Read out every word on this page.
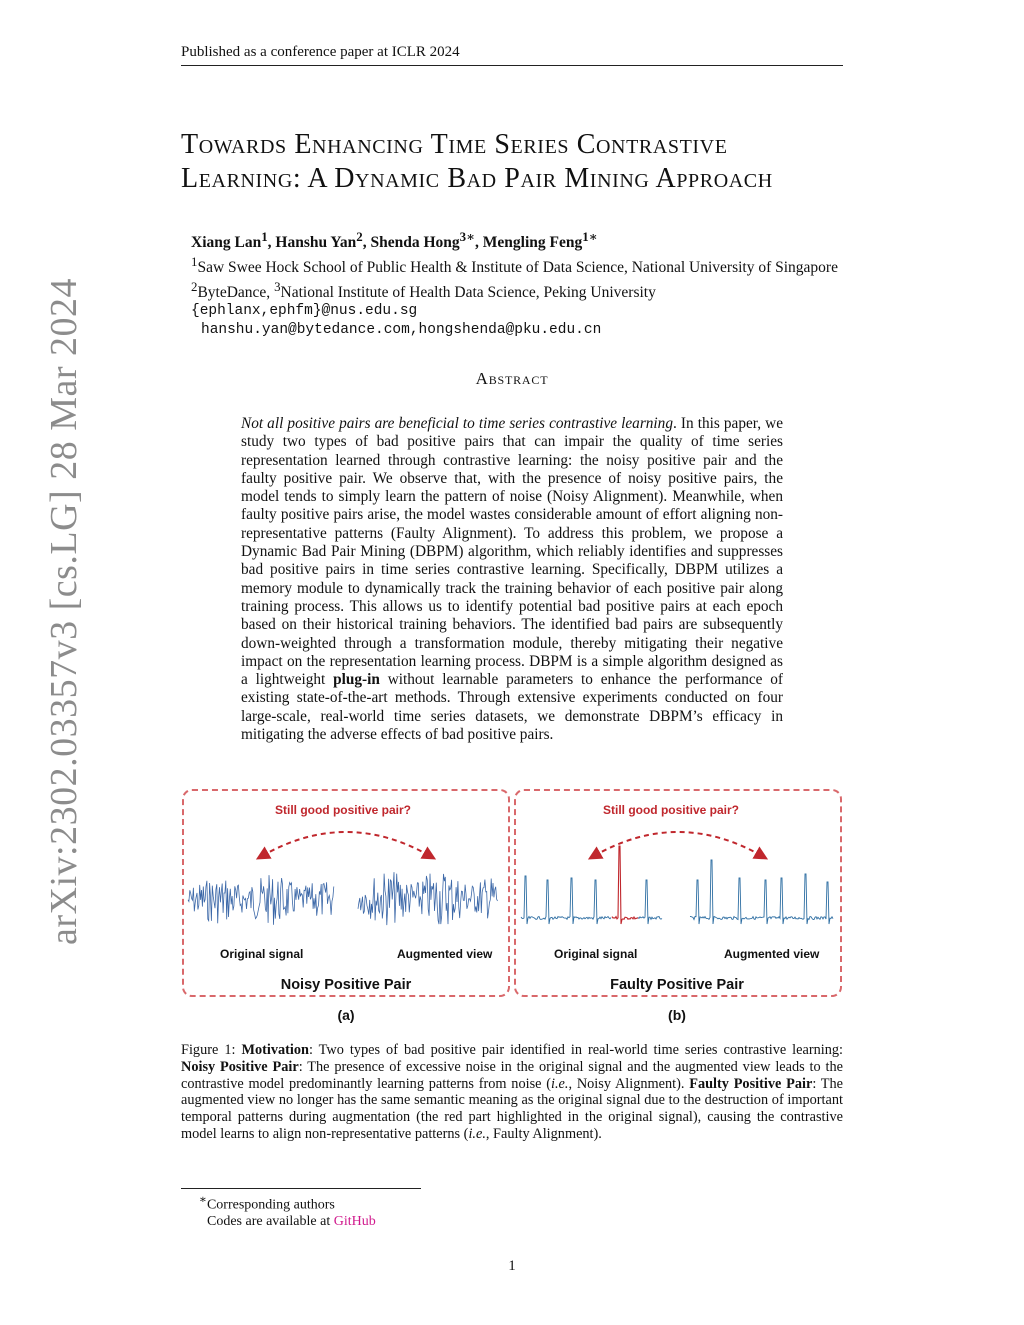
Published as a conference paper at ICLR 2024
arXiv:2302.03357v3 [cs.LG] 28 Mar 2024
Towards Enhancing Time Series Contrastive
Learning: A Dynamic Bad Pair Mining Approach
Xiang Lan$^1$, Hanshu Yan$^2$, Shenda Hong$^{3∗}$, Mengling Feng$^{1∗}$
$^1$Saw Swee Hock School of Public Health & Institute of Data Science, National University of Singapore
$^2$ByteDance, $^3$National Institute of Health Data Science, Peking University
{ephlanx,ephfm}@nus.edu.sg
hanshu.yan@bytedance.com,hongshenda@pku.edu.cn
Abstract
Not all positive pairs are beneficial to time series contrastive learning. In this paper, we study two types of bad positive pairs that can impair the quality of time series representation learned through contrastive learning: the noisy positive pair and the faulty positive pair. We observe that, with the presence of noisy positive pairs, the model tends to simply learn the pattern of noise (Noisy Alignment). Meanwhile, when faulty positive pairs arise, the model wastes considerable amount of effort aligning non-representative patterns (Faulty Alignment). To address this problem, we propose a Dynamic Bad Pair Mining (DBPM) algorithm, which reliably identifies and suppresses bad positive pairs in time series contrastive learning. Specifically, DBPM utilizes a memory module to dynamically track the training behavior of each positive pair along training process. This allows us to identify potential bad positive pairs at each epoch based on their historical training behaviors. The identified bad pairs are subsequently down-weighted through a transformation module, thereby mitigating their negative impact on the representation learning process. DBPM is a simple algorithm designed as a lightweight plug-in without learnable parameters to enhance the performance of existing state-of-the-art methods. Through extensive experiments conducted on four large-scale, real-world time series datasets, we demonstrate DBPM’s efficacy in mitigating the adverse effects of bad positive pairs.
Still good positive pair?	Still good positive pair?
Original signal	Augmented view	Original signal	Augmented view
Noisy Positive Pair	Faulty Positive Pair
(a)	(b)
Figure 1: Motivation: Two types of bad positive pair identified in real-world time series contrastive learning: Noisy Positive Pair: The presence of excessive noise in the original signal and the augmented view leads to the contrastive model predominantly learning patterns from noise (i.e., Noisy Alignment). Faulty Positive Pair: The augmented view no longer has the same semantic meaning as the original signal due to the destruction of important temporal patterns during augmentation (the red part highlighted in the original signal), causing the contrastive model learns to align non-representative patterns (i.e., Faulty Alignment).
∗Corresponding authors
Codes are available at GitHub
1
